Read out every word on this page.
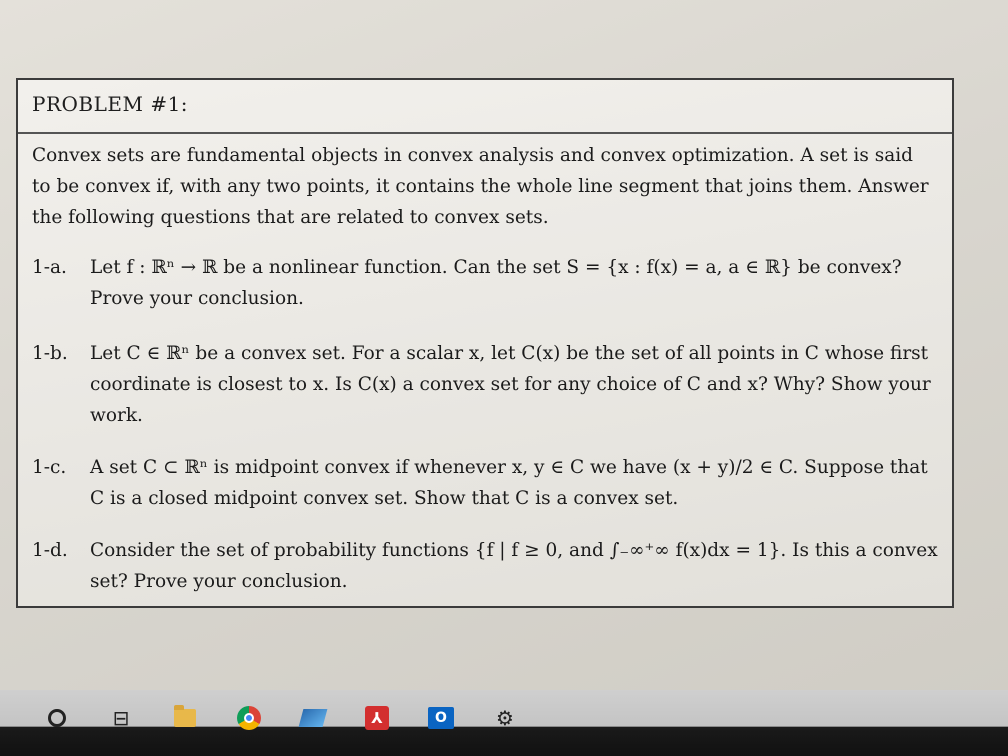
PROBLEM #1:
Convex sets are fundamental objects in convex analysis and convex optimization. A set is said to be convex if, with any two points, it contains the whole line segment that joins them. Answer the following questions that are related to convex sets.
1-a.	Let f : ℝⁿ → ℝ be a nonlinear function. Can the set S = {x : f(x) = a, a ∈ ℝ} be convex? Prove your conclusion.
1-b.	Let C ∈ ℝⁿ be a convex set. For a scalar x, let C(x) be the set of all points in C whose first coordinate is closest to x. Is C(x) a convex set for any choice of C and x? Why? Show your work.
1-c.	A set C ⊂ ℝⁿ is midpoint convex if whenever x, y ∈ C we have (x + y)/2 ∈ C. Suppose that C is a closed midpoint convex set. Show that C is a convex set.
1-d.	Consider the set of probability functions {f | f ≥ 0, and ∫₋∞⁺∞ f(x)dx = 1}. Is this a convex set? Prove your conclusion.
⊟	⅄	O	⚙
